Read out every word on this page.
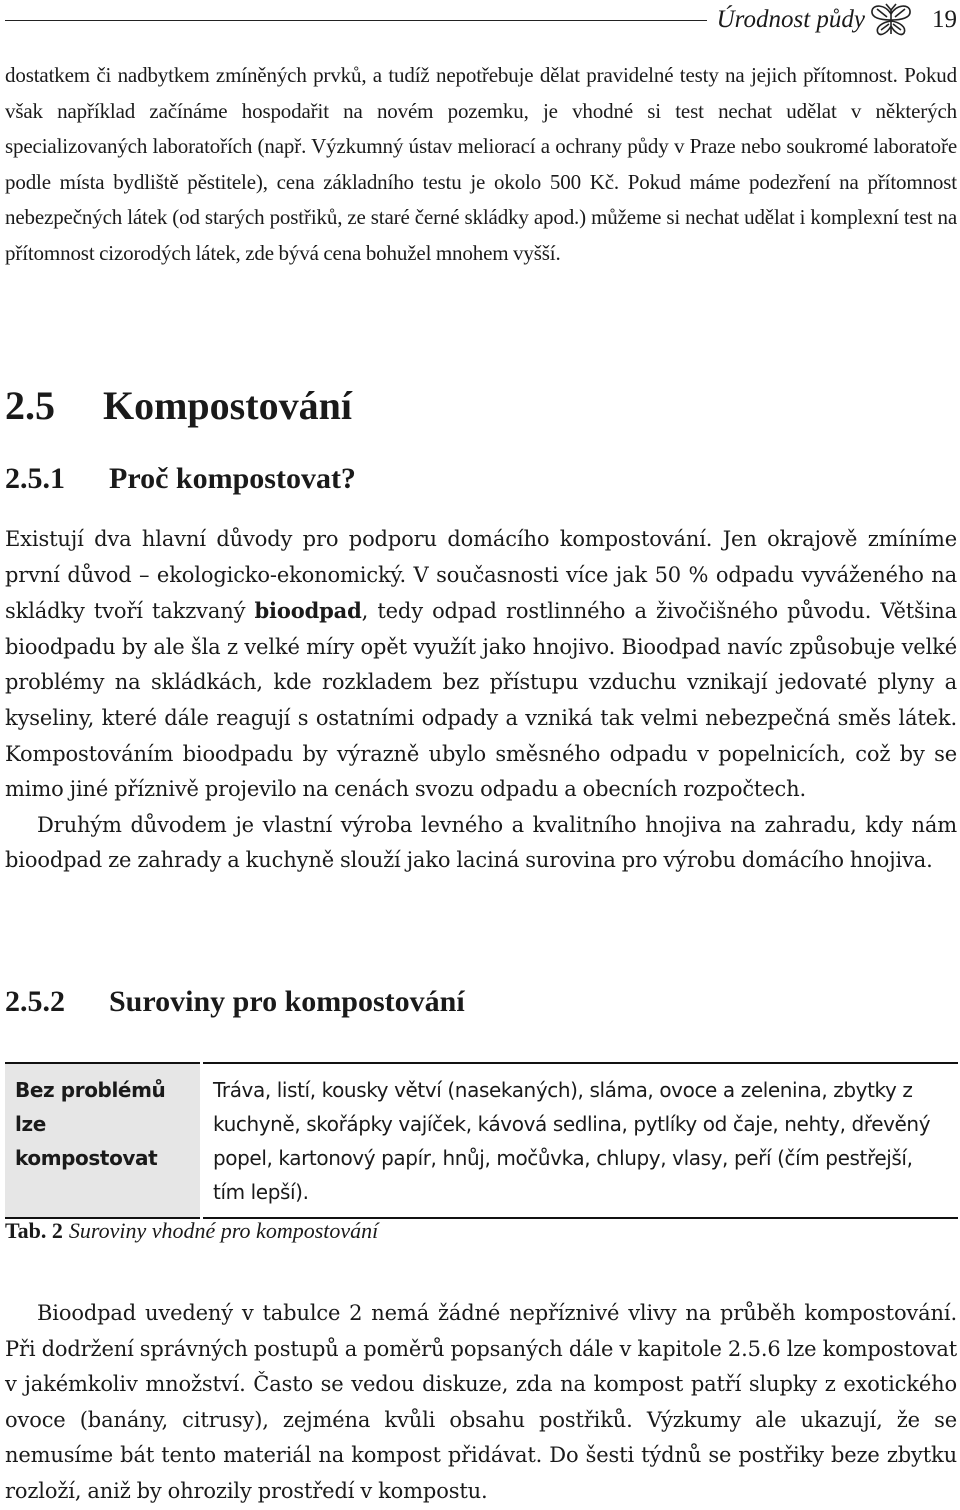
Úrodnost půdy	19

dostatkem či nadbytkem zmíněných prvků, a tudíž nepotřebuje dělat pravidelné testy na jejich přítomnost. Pokud však například začínáme hospodařit na novém pozemku, je vhodné si test nechat udělat v některých specializovaných laboratořích (např. Výzkumný ústav meliorací a ochrany půdy v Praze nebo soukromé laboratoře podle místa bydliště pěstitele), cena základního testu je okolo 500 Kč. Pokud máme podezření na přítomnost nebezpečných látek (od starých postřiků, ze staré černé skládky apod.) můžeme si nechat udělat i komplexní test na přítomnost cizorodých látek, zde bývá cena bohužel mnohem vyšší.

2.5 Kompostování
2.5.1 Proč kompostovat?

Existují dva hlavní důvody pro podporu domácího kompostování. Jen okrajově zmíníme první důvod – ekologicko-ekonomický. V současnosti více jak 50 % odpadu vyváženého na skládky tvoří takzvaný bioodpad, tedy odpad rostlinného a živočišného původu. Většina bioodpadu by ale šla z velké míry opět využít jako hnojivo. Bioodpad navíc způsobuje velké problémy na skládkách, kde rozkladem bez přístupu vzduchu vznikají jedovaté plyny a kyseliny, které dále reagují s ostatními odpady a vzniká tak velmi nebezpečná směs látek. Kompostováním bioodpadu by výrazně ubylo směsného odpadu v popelnicích, což by se mimo jiné příznivě projevilo na cenách svozu odpadu a obecních rozpočtech.

Druhým důvodem je vlastní výroba levného a kvalitního hnojiva na zahradu, kdy nám bioodpad ze zahrady a kuchyně slouží jako laciná surovina pro výrobu domácího hnojiva.

2.5.2 Suroviny pro kompostování
Bez problémů lze kompostovat	Tráva, listí, kousky větví (nasekaných), sláma, ovoce a zelenina, zbytky z kuchyně, skořápky vajíček, kávová sedlina, pytlíky od čaje, nehty, dřevěný popel, kartonový papír, hnůj, močůvka, chlupy, vlasy, peří (čím pestřejší, tím lepší).
Tab. 2 Suroviny vhodné pro kompostování

Bioodpad uvedený v tabulce 2 nemá žádné nepříznivé vlivy na průběh kompostování. Při dodržení správných postupů a poměrů popsaných dále v kapitole 2.5.6 lze kompostovat v jakémkoliv množství. Často se vedou diskuze, zda na kompost patří slupky z exotického ovoce (banány, citrusy), zejména kvůli obsahu postřiků. Výzkumy ale ukazují, že se nemusíme bát tento materiál na kompost přidávat. Do šesti týdnů se postřiky beze zbytku rozloží, aniž by ohrozily prostředí v kompostu.
